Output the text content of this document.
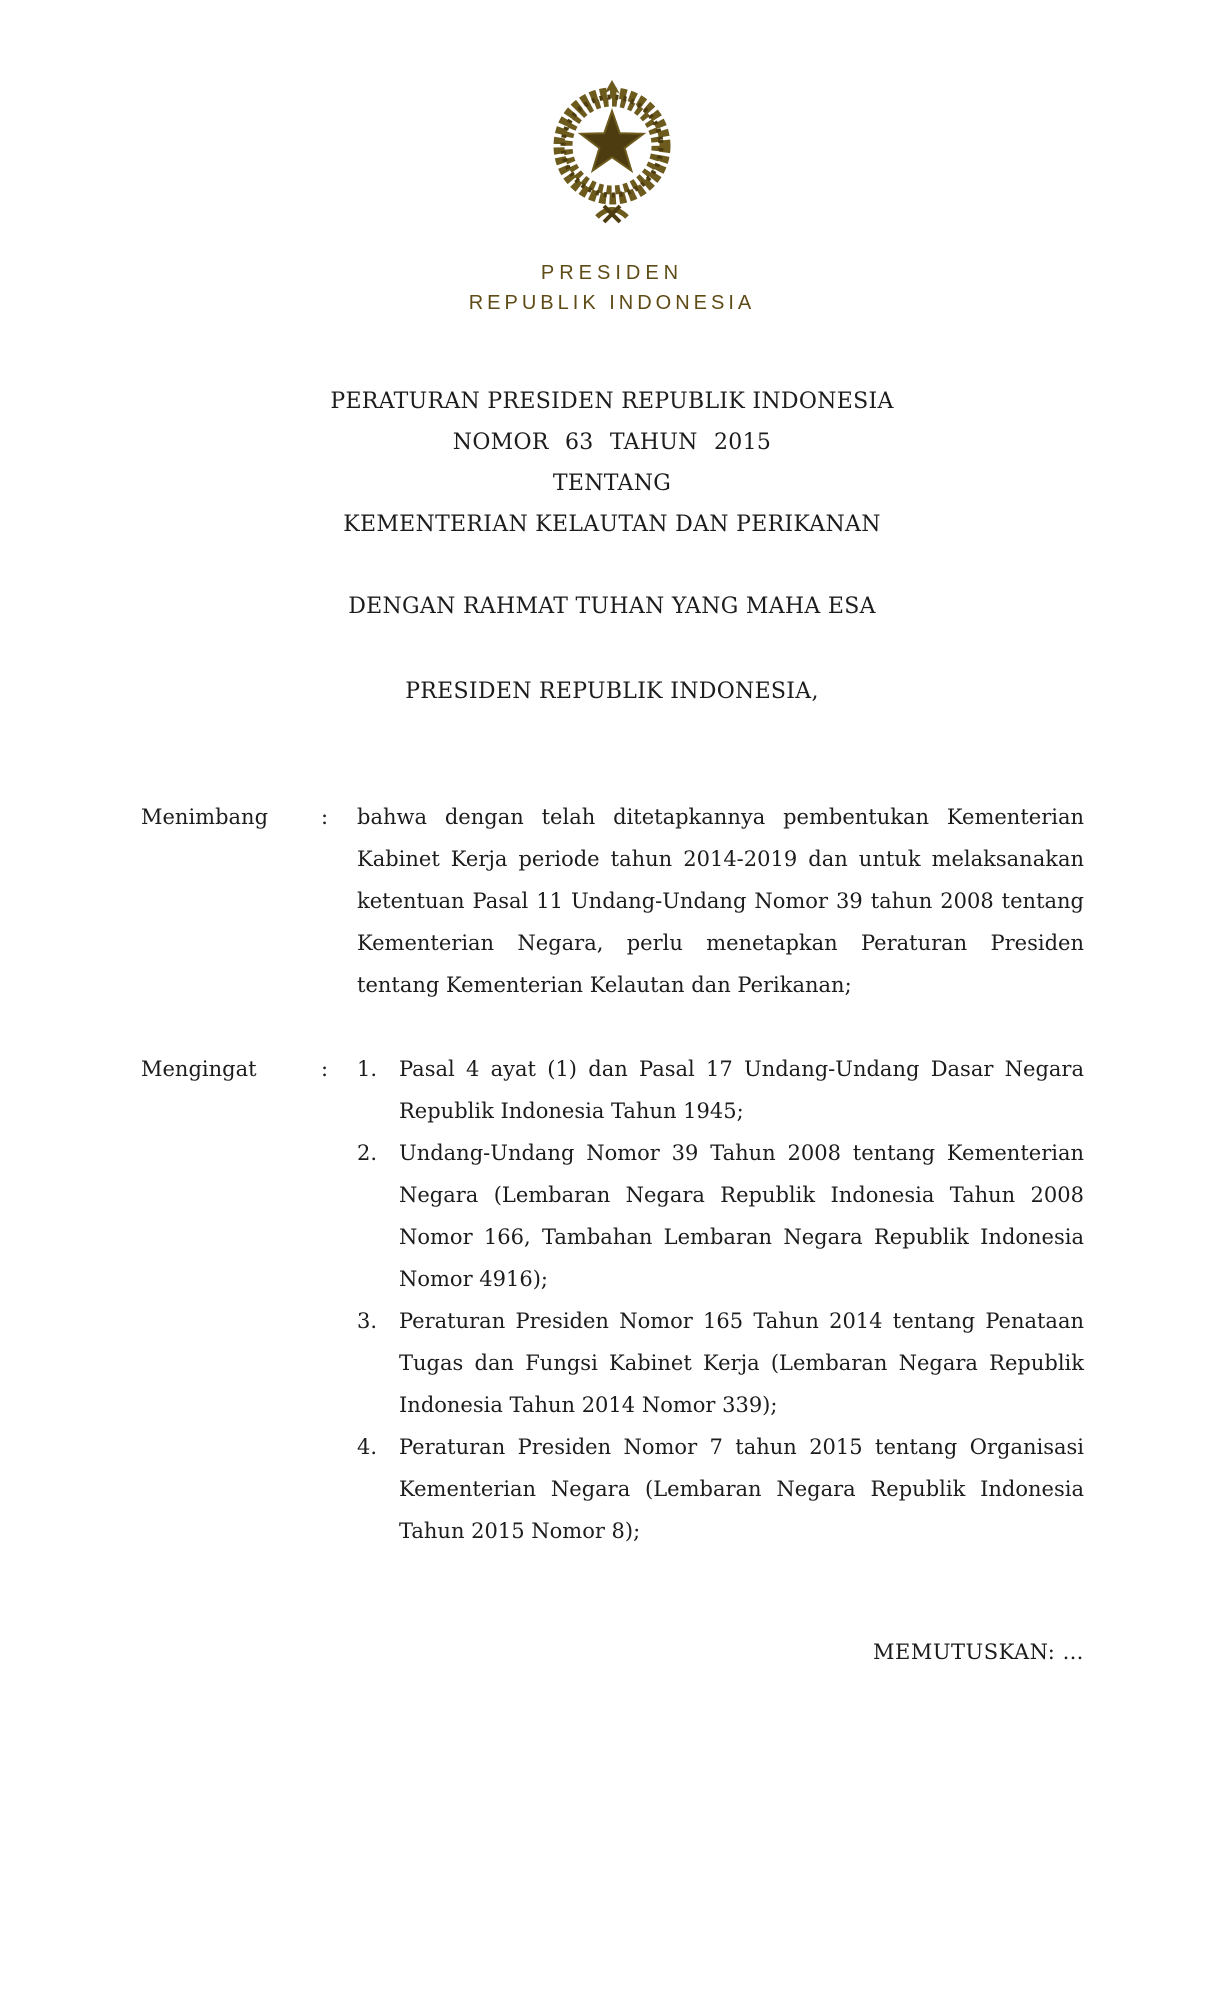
PRESIDEN
REPUBLIK INDONESIA
PERATURAN PRESIDEN REPUBLIK INDONESIA
NOMOR 63 TAHUN 2015
TENTANG
KEMENTERIAN KELAUTAN DAN PERIKANAN
DENGAN RAHMAT TUHAN YANG MAHA ESA
PRESIDEN REPUBLIK INDONESIA,
Menimbang	:	bahwa dengan telah ditetapkannya pembentukan Kementerian Kabinet Kerja periode tahun 2014-2019 dan untuk melaksanakan ketentuan Pasal 11 Undang-Undang Nomor 39 tahun 2008 tentang Kementerian Negara, perlu menetapkan Peraturan Presiden tentang Kementerian Kelautan dan Perikanan;
Mengingat	:	1.	Pasal 4 ayat (1) dan Pasal 17 Undang-Undang Dasar Negara Republik Indonesia Tahun 1945;
2.	Undang-Undang Nomor 39 Tahun 2008 tentang Kementerian Negara (Lembaran Negara Republik Indonesia Tahun 2008 Nomor 166, Tambahan Lembaran Negara Republik Indonesia Nomor 4916);
3.	Peraturan Presiden Nomor 165 Tahun 2014 tentang Penataan Tugas dan Fungsi Kabinet Kerja (Lembaran Negara Republik Indonesia Tahun 2014 Nomor 339);
4.	Peraturan Presiden Nomor 7 tahun 2015 tentang Organisasi Kementerian Negara (Lembaran Negara Republik Indonesia Tahun 2015 Nomor 8);
MEMUTUSKAN: …
